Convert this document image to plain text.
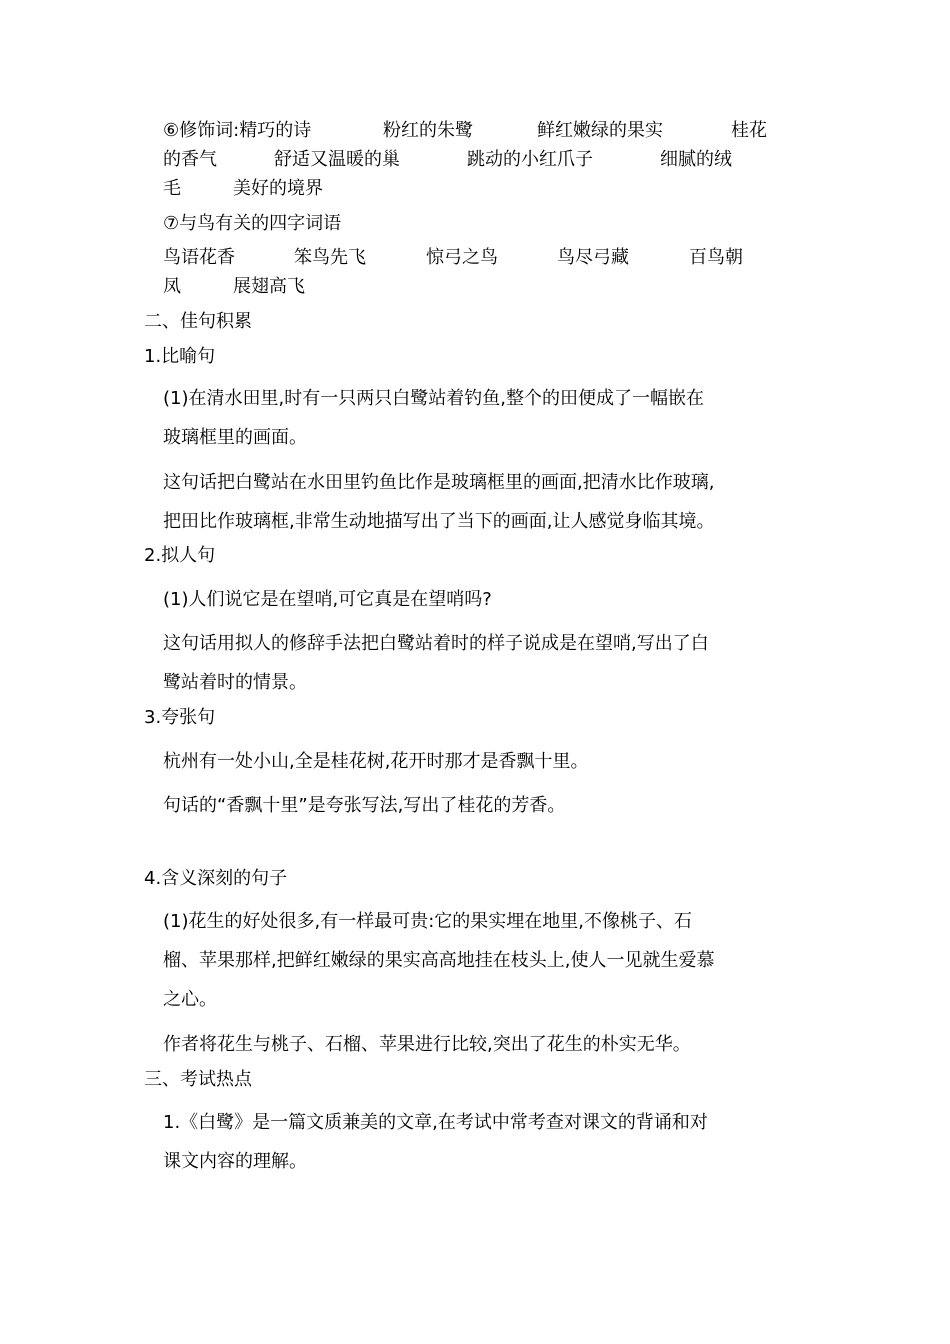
⑥修饰词:精巧的诗	粉红的朱鹭	鲜红嫩绿的果实	桂花
的香气	舒适又温暖的巢	跳动的小红爪子	细腻的绒
毛	美好的境界
⑦与鸟有关的四字词语
鸟语花香	笨鸟先飞	惊弓之鸟	鸟尽弓藏	百鸟朝
凤	展翅高飞
二、佳句积累
1.比喻句
(1)在清水田里,时有一只两只白鹭站着钓鱼,整个的田便成了一幅嵌在
玻璃框里的画面。
这句话把白鹭站在水田里钓鱼比作是玻璃框里的画面,把清水比作玻璃,
把田比作玻璃框,非常生动地描写出了当下的画面,让人感觉身临其境。
2.拟人句
(1)人们说它是在望哨,可它真是在望哨吗?
这句话用拟人的修辞手法把白鹭站着时的样子说成是在望哨,写出了白
鹭站着时的情景。
3.夸张句
杭州有一处小山,全是桂花树,花开时那才是香飘十里。
句话的“香飘十里”是夸张写法,写出了桂花的芳香。
4.含义深刻的句子
(1)花生的好处很多,有一样最可贵:它的果实埋在地里,不像桃子、石
榴、苹果那样,把鲜红嫩绿的果实高高地挂在枝头上,使人一见就生爱慕
之心。
作者将花生与桃子、石榴、苹果进行比较,突出了花生的朴实无华。
三、考试热点
1.《白鹭》是一篇文质兼美的文章,在考试中常考查对课文的背诵和对
课文内容的理解。
